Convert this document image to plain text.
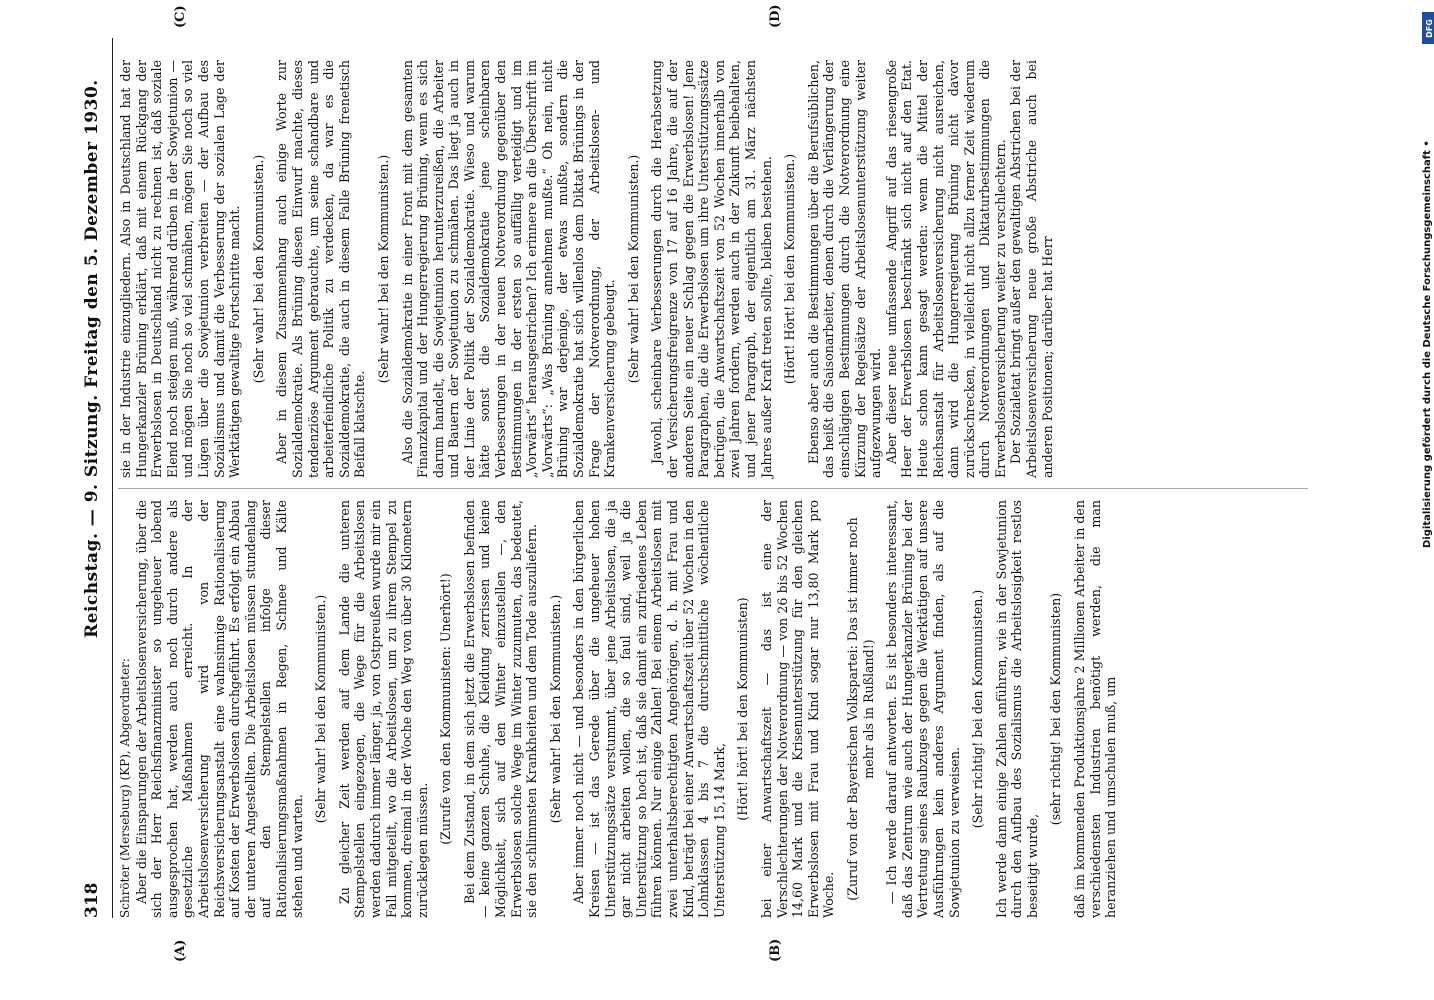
318
Reichstag. — 9. Sitzung. Freitag den 5. Dezember 1930.

Schröter (Merseburg) (KP), Abgeordneter: Aber die Einsparungen der Arbeitslosenversicherung, über die sich der Herr Reichsfinanzminister so ungeheuer lobend ausgesprochen hat, werden auch noch durch andere als gesetzliche Maßnahmen erreicht. In der Arbeitslosenversicherung wird von der Reichsversicherungsanstalt eine wahnsinnige Rationalisierung auf Kosten der Erwerbslosen durchgeführt. Es erfolgt ein Abbau der unteren Angestellten. Die Arbeitslosen müssen stundenlang auf den Stempelstellen infolge dieser Rationalisierungsmaßnahmen in Regen, Schnee und Kälte stehen und warten.

(Sehr wahr! bei den Kommunisten.) Zu gleicher Zeit werden auf dem Lande die unteren Stempelstellen eingezogen, die Wege für die Arbeitslosen werden dadurch immer länger, ja, von Ostpreußen wurde mir ein Fall mitgeteilt, wo die Arbeitslosen, um zu ihrem Stempel zu kommen, dreimal in der Woche den Weg von über 30 Kilometern zurücklegen müssen.

(Zurufe von den Kommunisten: Unerhört!) Bei dem Zustand, in dem sich jetzt die Erwerbslosen befinden — keine ganzen Schuhe, die Kleidung zerrissen und keine Möglichkeit, sich auf den Winter einzustellen —, den Erwerbslosen solche Wege im Winter zuzumuten, das bedeutet, sie den schlimmsten Krankheiten und dem Tode auszuliefern. (Sehr wahr! bei den Kommunisten.) Aber immer noch nicht — und besonders in den bürgerlichen Kreisen — ist das Gerede über die ungeheuer hohen Unterstützungssätze verstummt, über jene Arbeitslosen, die ja gar nicht arbeiten wollen, die so faul sind, weil ja die Unterstützung so hoch ist, daß sie damit ein zufriedenes Leben führen können. Nur einige Zahlen! Bei einem Arbeitslosen mit zwei unterhaltsberechtigten Angehörigen, d. h. mit Frau und Kind, beträgt bei einer Anwartschaftszeit über 52 Wochen in den Lohnklassen 4 bis 7 die durchschnittliche wöchentliche Unterstützung 15,14 Mark,

(Hört! hört! bei den Kommunisten) bei einer Anwartschaftszeit — das ist eine der Verschlechterungen der Notverordnung — von 26 bis 52 Wochen 14,60 Mark und die Krisenunterstützung für den gleichen Erwerbslosen mit Frau und Kind sogar nur 13,80 Mark pro Woche. (Zuruf von der Bayerischen Volkspartei: Das ist immer noch mehr als in Rußland!) — Ich werde darauf antworten. Es ist besonders interessant, daß das Zentrum wie auch der Hungerkanzler Brüning bei der Vertretung seines Raubzuges gegen die Werktätigen auf unsere Ausführungen kein anderes Argument finden, als auf die Sowjetunion zu verweisen.

(Sehr richtig! bei den Kommunisten.) Ich werde dann einige Zahlen anführen, wie in der Sowjetunion durch den Aufbau des Sozialismus die Arbeitslosigkeit restlos beseitigt wurde,

(sehr richtig! bei den Kommunisten) daß im kommenden Produktionsjahre 2 Millionen Arbeiter in den verschiedensten Industrien benötigt werden, die man heranziehen und umschulen muß, um

sie in der Industrie einzugliedern. Also in Deutschland hat der Hungerkanzler Brüning erklärt, daß mit einem Rückgang der Erwerbslosen in Deutschland nicht zu rechnen ist, daß soziale Elend noch steigen muß, während drüben in der Sowjetunion — und mögen Sie noch so viel schmähen, mögen Sie noch so viel Lügen über die Sowjetunion verbreiten — der Aufbau des Sozialismus und damit die Verbesserung der sozialen Lage der Werktätigen gewaltige Fortschritte macht. (Sehr wahr! bei den Kommunisten.) Aber in diesem Zusammenhang auch einige Worte zur Sozialdemokratie. Als Brüning diesen Einwurf machte, dieses tendenziöse Argument gebrauchte, um seine schandbare und arbeiterfeindliche Politik zu verdecken, da war es die Sozialdemokratie, die auch in diesem Falle Brüning frenetisch Beifall klatschte.

(Sehr wahr! bei den Kommunisten.) Also die Sozialdemokratie in einer Front mit dem gesamten Finanzkapital und der Hungerregierung Brüning, wenn es sich darum handelt, die Sowjetunion herunterzureißen, die Arbeiter und Bauern der Sowjetunion zu schmähen. Das liegt ja auch in der Linie der Politik der Sozialdemokratie. Wieso und warum hätte sonst die Sozialdemokratie jene scheinbaren Verbesserungen in der neuen Notverordnung gegenüber den Bestimmungen in der ersten so auffällig verteidigt und im „Vorwärts“ herausgestrichen? Ich erinnere an die Überschrift im „Vorwärts“: „Was Brüning annehmen mußte.“ Oh nein, nicht Brüning war derjenige, der etwas mußte, sondern die Sozialdemokratie hat sich willenlos dem Diktat Brünings in der Frage der Notverordnung, der Arbeitslosen- und Krankenversicherung gebeugt. (Sehr wahr! bei den Kommunisten.) Jawohl, scheinbare Verbesserungen durch die Herabsetzung der Versicherungsfreigrenze von 17 auf 16 Jahre, die auf der anderen Seite ein neuer Schlag gegen die Erwerbslosen! Jene Paragraphen, die die Erwerbslosen um ihre Unterstützungssätze betrügen, die Anwartschaftszeit von 52 Wochen innerhalb von zwei Jahren fordern, werden auch in der Zukunft beibehalten, und jener Paragraph, der eigentlich am 31. März nächsten Jahres außer Kraft treten sollte, bleiben bestehen. (Hört! Hört! bei den Kommunisten.) Ebenso aber auch die Bestimmungen über die Berufsüblichen, das heißt die Saisonarbeiter, denen durch die Verlängerung der einschlägigen Bestimmungen durch die Notverordnung eine Kürzung der Regelsätze der Arbeitslosenunterstützung weiter aufgezwungen wird. Aber dieser neue umfassende Angriff auf das riesengroße Heer der Erwerbslosen beschränkt sich nicht auf den Etat. Heute schon kann gesagt werden: wenn die Mittel der Reichsanstalt für Arbeitslosenversicherung nicht ausreichen, dann wird die Hungerregierung Brüning nicht davor zurückschrecken, in vielleicht nicht allzu ferner Zeit wiederum durch Notverordnungen und Diktaturbestimmungen die Erwerbslosenversicherung weiter zu verschlechtern. Der Sozialetat bringt außer den gewaltigen Abstrichen bei der Arbeitslosenversicherung neue große Abstriche auch bei anderen Positionen; darüber hat Herr

(A)	(B)
(C)	(D)	DFG
Digitalisierung gefördert durch die Deutsche Forschungsgemeinschaft •
